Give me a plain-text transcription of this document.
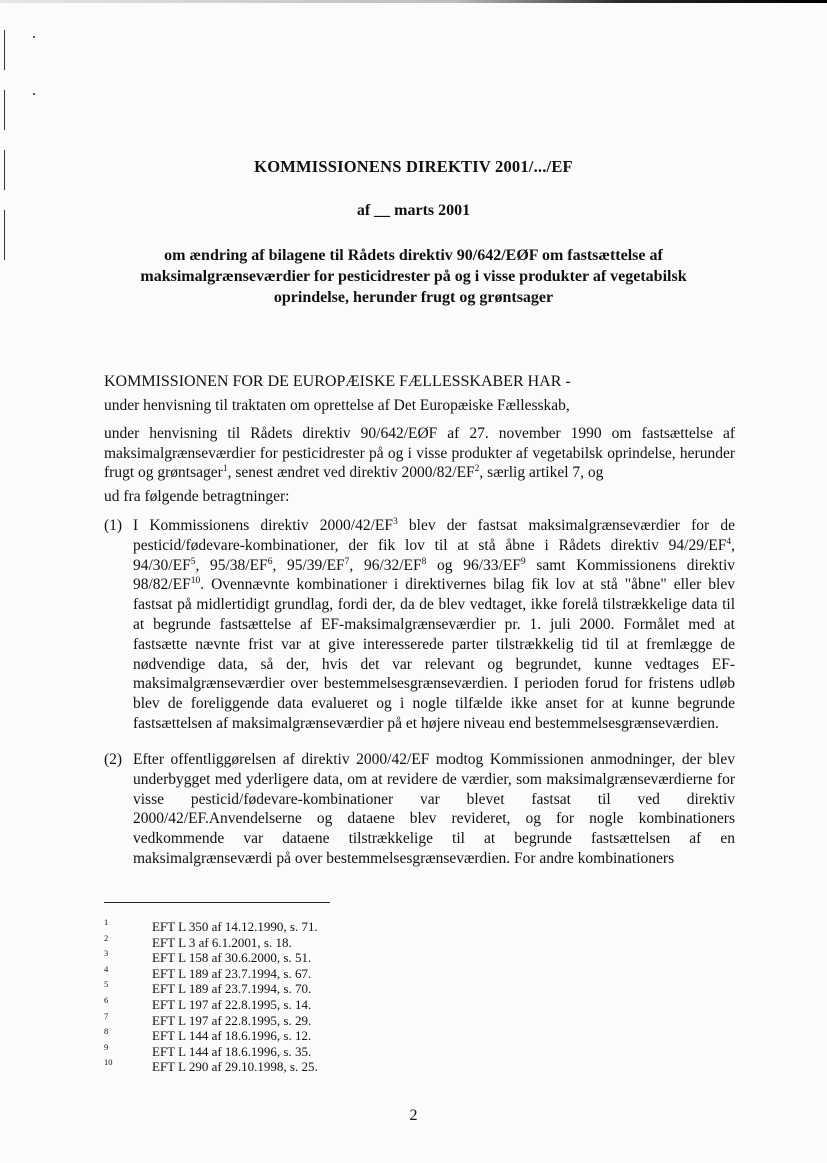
KOMMISSIONENS DIREKTIV 2001/.../EF
af __ marts 2001
om ændring af bilagene til Rådets direktiv 90/642/EØF om fastsættelse af maksimalgrænseværdier for pesticidrester på og i visse produkter af vegetabilsk oprindelse, herunder frugt og grøntsager

KOMMISSIONEN FOR DE EUROPÆISKE FÆLLESSKABER HAR -

under henvisning til traktaten om oprettelse af Det Europæiske Fællesskab,

under henvisning til Rådets direktiv 90/642/EØF af 27. november 1990 om fastsættelse af maksimalgrænseværdier for pesticidrester på og i visse produkter af vegetabilsk oprindelse, herunder frugt og grøntsager$^1$, senest ændret ved direktiv $2000/82/EF^2$, særlig artikel 7, og

ud fra følgende betragtninger:

(1) I Kommissionens direktiv $2000/42/EF^3$ blev der fastsat maksimalgrænseværdier for de pesticid/fødevare-kombinationer, der fik lov til at stå åbne i Rådets direktiv $94/29/EF^4$, $94/30/EF^5$, $95/38/EF^6$, $95/39/EF^7$, $96/32/EF^8$ og $96/33/EF^9$ samt Kommissionens direktiv 98/82/EF$^{10}$. Ovennævnte kombinationer i direktivernes bilag fik lov at stå "åbne" eller blev fastsat på midlertidigt grundlag, fordi der, da de blev vedtaget, ikke forelå tilstrækkelige data til at begrunde fastsættelse af EF-maksimalgrænseværdier pr. 1. juli 2000. Formålet med at fastsætte nævnte frist var at give interesserede parter tilstrækkelig tid til at fremlægge de nødvendige data, så der, hvis det var relevant og begrundet, kunne vedtages EF-maksimalgrænseværdier over bestemmelsesgrænseværdien. I perioden forud for fristens udløb blev de foreliggende data evalueret og i nogle tilfælde ikke anset for at kunne begrunde fastsættelsen af maksimalgrænseværdier på et højere niveau end bestemmelsesgrænseværdien.
(2) Efter offentliggørelsen af direktiv 2000/42/EF modtog Kommissionen anmodninger, der blev underbygget med yderligere data, om at revidere de værdier, som maksimalgrænseværdierne for visse pesticid/fødevare-kombinationer var blevet fastsat til ved direktiv 2000/42/EF.Anvendelserne og dataene blev revideret, og for nogle kombinationers vedkommende var dataene tilstrækkelige til at begrunde fastsættelsen af en maksimalgrænseværdi på over bestemmelsesgrænseværdien. For andre kombinationers
1	EFT L 350 af 14.12.1990, s. 71.
2	EFT L 3 af 6.1.2001, s. 18.
3	EFT L 158 af 30.6.2000, s. 51.
4	EFT L 189 af 23.7.1994, s. 67.
5	EFT L 189 af 23.7.1994, s. 70.
6	EFT L 197 af 22.8.1995, s. 14.
7	EFT L 197 af 22.8.1995, s. 29.
8	EFT L 144 af 18.6.1996, s. 12.
9	EFT L 144 af 18.6.1996, s. 35.
10	EFT L 290 af 29.10.1998, s. 25.
2
